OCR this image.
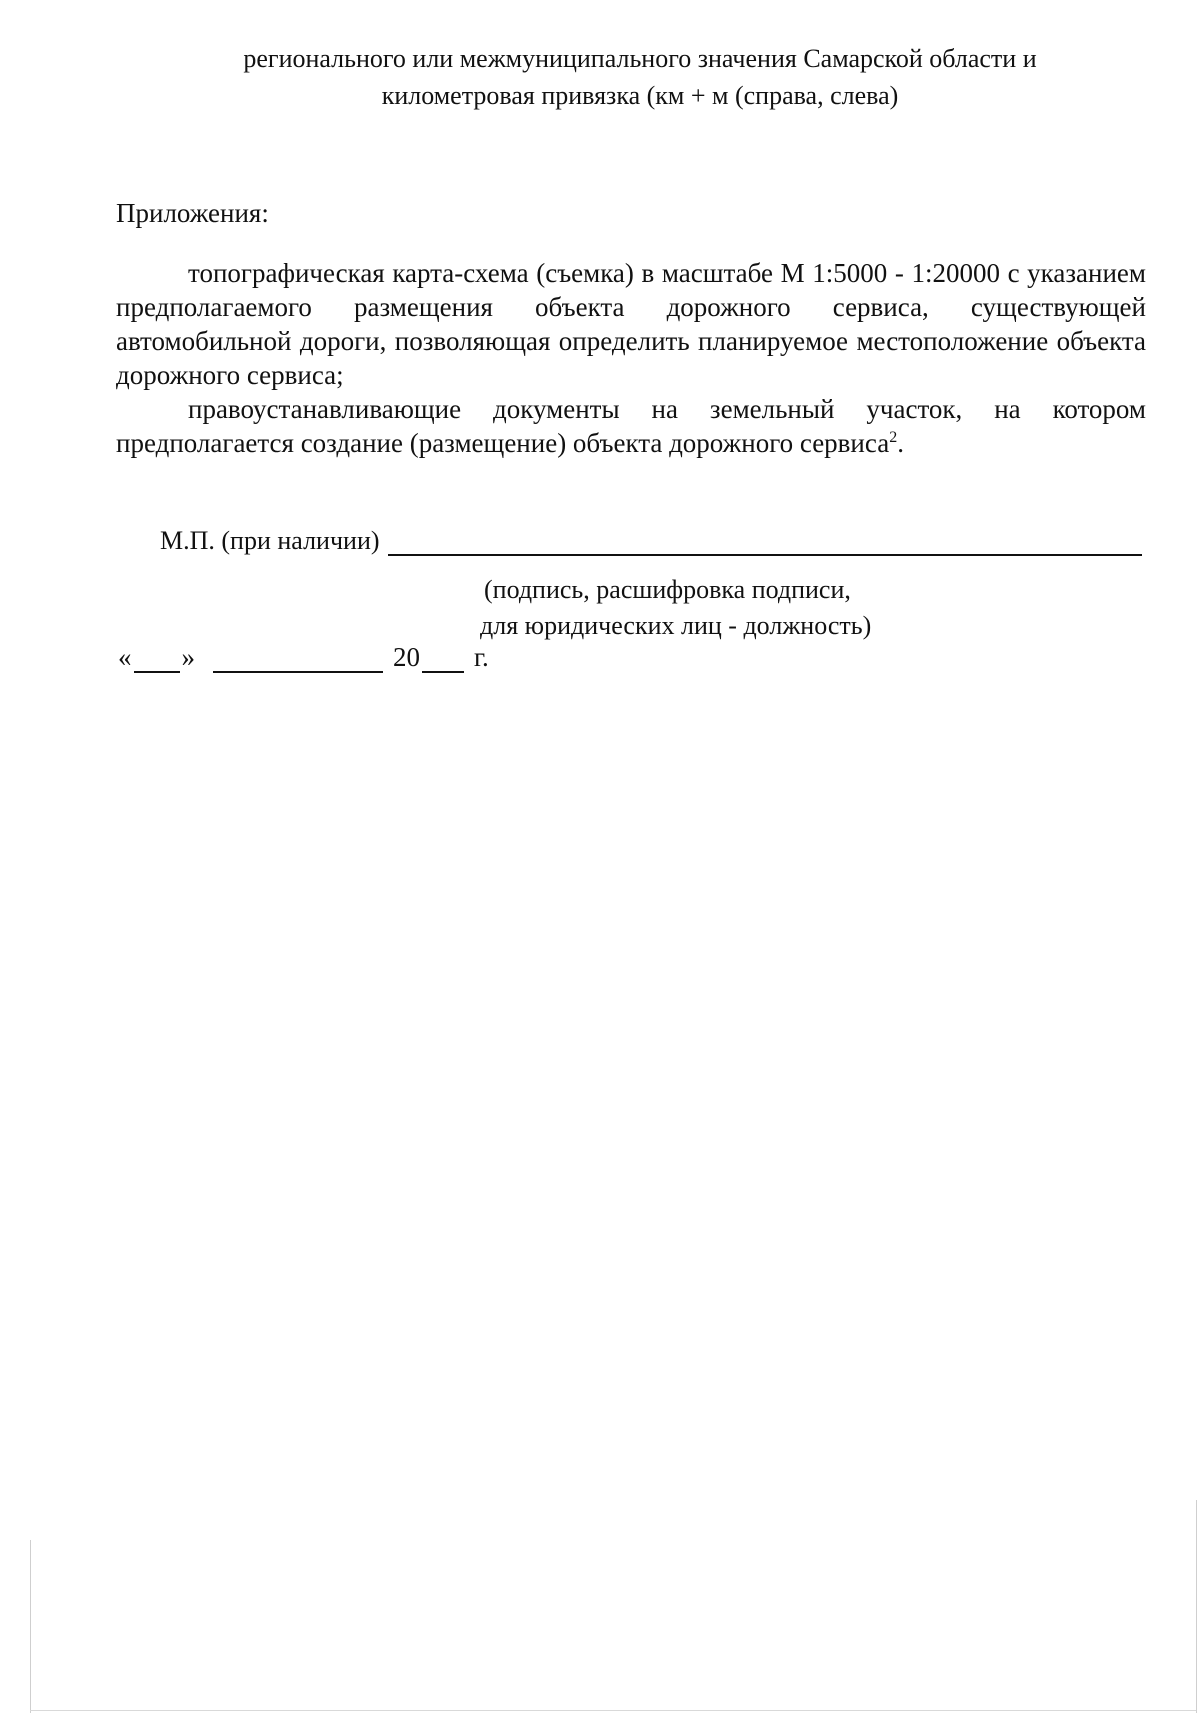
регионального или межмуниципального значения Самарской области и
километровая привязка (км + м (справа, слева)
Приложения:

топографическая карта-схема (съемка) в масштабе М 1:5000 - 1:20000 с указанием предполагаемого размещения объекта дорожного сервиса, существующей автомобильной дороги, позволяющая определить планируемое местоположение объекта дорожного сервиса;

правоустанавливающие документы на земельный участок, на котором предполагается создание (размещение) объекта дорожного сервиса$^2$.

М.П. (при наличии)
(подпись, расшифровка подписи,
для юридических лиц - должность)
« »	20 г.
